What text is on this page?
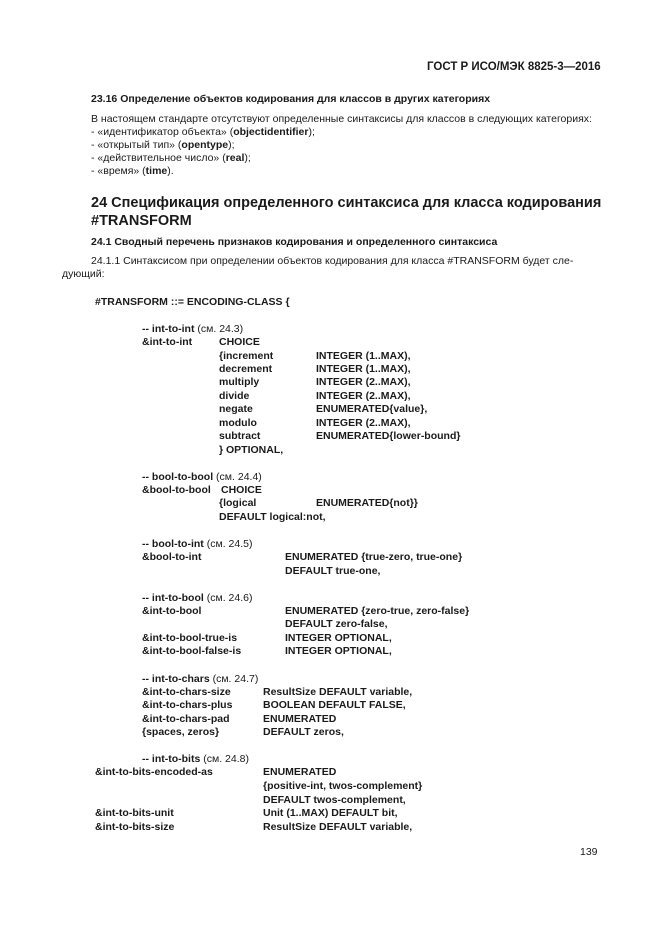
ГОСТ Р ИСО/МЭК 8825-3—2016
23.16 Определение объектов кодирования для классов в других категориях
В настоящем стандарте отсутствуют определенные синтаксисы для классов в следующих категориях:
- «идентификатор объекта» (objectidentifier);
- «открытый тип» (opentype);
- «действительное число» (real);
- «время» (time).
24 Спецификация определенного синтаксиса для класса кодирования
#TRANSFORM
24.1 Сводный перечень признаков кодирования и определенного синтаксиса
24.1.1 Синтаксисом при определении объектов кодирования для класса #TRANSFORM будет сле-
дующий:
#TRANSFORM ::= ENCODING-CLASS {
-- int-to-int (см. 24.3)
&int-to-int	CHOICE
{increment	INTEGER (1..MAX),
decrement	INTEGER (1..MAX),
multiply	INTEGER (2..MAX),
divide	INTEGER (2..MAX),
negate	ENUMERATED{value},
modulo	INTEGER (2..MAX),
subtract	ENUMERATED{lower-bound}
} OPTIONAL,
-- bool-to-bool (см. 24.4)
&bool-to-bool CHOICE
{logical	ENUMERATED{not}}
DEFAULT logical:not,
-- bool-to-int (см. 24.5)
&bool-to-int	ENUMERATED {true-zero, true-one}
DEFAULT true-one,
-- int-to-bool (см. 24.6)
&int-to-bool	ENUMERATED {zero-true, zero-false}
DEFAULT zero-false,
&int-to-bool-true-is	INTEGER OPTIONAL,
&int-to-bool-false-is	INTEGER OPTIONAL,
-- int-to-chars (см. 24.7)
&int-to-chars-size	ResultSize DEFAULT variable,
&int-to-chars-plus	BOOLEAN DEFAULT FALSE,
&int-to-chars-pad	ENUMERATED
{spaces, zeros}	DEFAULT zeros,
-- int-to-bits (см. 24.8)
&int-to-bits-encoded-as	ENUMERATED
{positive-int, twos-complement}
DEFAULT twos-complement,
&int-to-bits-unit	Unit (1..MAX) DEFAULT bit,
&int-to-bits-size	ResultSize DEFAULT variable,
139
